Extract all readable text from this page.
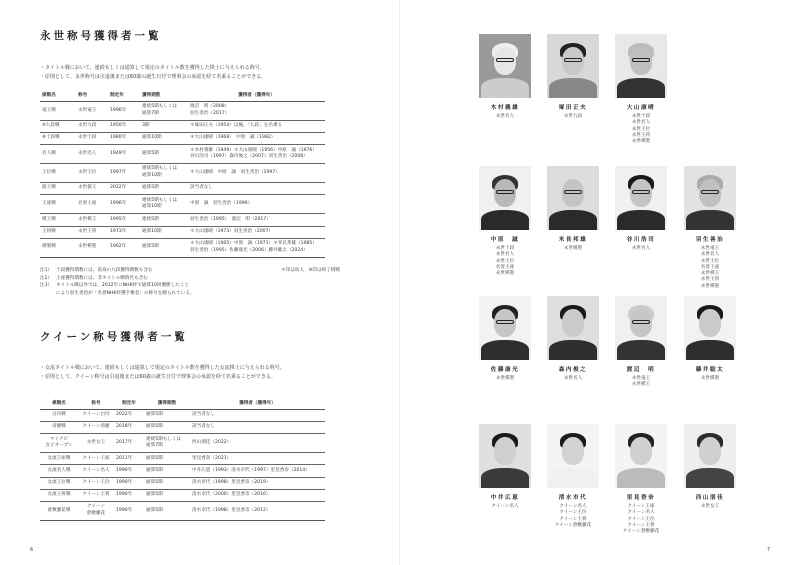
永世称号獲得者一覧
・タイトル戦において、連続もしくは通算して規定のタイトル数を獲得した棋士に与えられる称号。
・原則として、永世称号は引退後または60歳の誕生日付で理事会の承認を経て名乗ることができる。
棋戦名	称号	制定年	獲得期数	獲得者（獲得年）
竜王戦	永世竜王	1996年	連続5期もしくは
通算7期	渡辺　明（2008）
羽生善治（2017）
※九段戦	永世九段	1950年	3期	＊塚田正夫（1954）以後、「九段」を名乗る
※十段戦	永世十段	1980年	通算10期	＊大山康晴（1968）　中原　誠（1982）
名人戦	永世名人	1949年	通算5期	＊木村義雄（1949）＊大山康晴（1956）中原　誠（1976）
谷川浩司（1997）森内俊之（2007）羽生善治（2008）
王位戦	永世王位	1997年	連続5期もしくは
通算10期	＊大山康晴　中原　誠　羽生善治（1997）
叡王戦	永世叡王	2022年	通算5期	該当者なし
王座戦	名誉王座	1996年	連続5期もしくは
通算10期	中原　誠　羽生善治（1996）
棋王戦	永世棋王	1995年	連続5期	羽生善治（1995）　渡辺　明（2017）
王将戦	永世王将	1973年	通算10期	＊大山康晴（1973）羽生善治（2007）
棋聖戦	永世棋聖	1962年	通算5期	＊大山康晴（1965）中原　誠（1971）＊米長邦雄（1985）
羽生善治（1995）佐藤康光（2006）藤井聡太（2024）
＊印は故人　※印は終了棋戦
注1） 十段獲得期数には、前身の九段獲得期数も含む
注2） 王座獲得期数には、非タイトル戦時代も含む
注3） タイトル戦以外では、2012年にNHK杯で通算10回優勝したこと
により羽生善治が「名誉NHK杯選手権者」の称号を贈られている。
クイーン称号獲得者一覧
・女流タイトル戦において、連続もしくは通算して規定のタイトル数を獲得した女流棋士に与えられる称号。
・原則として、クイーン称号は引退後または60歳の誕生日付で理事会の承認を経て名乗ることができる。
棋戦名	称号	制定年	獲得期数	獲得者（獲得年）
白玲戦	クイーン白玲	2022年	通算5期	該当者なし
清麗戦	クイーン清麗	2018年	通算5期	該当者なし
マイナビ
女子オープン	永世女王	2017年	連続5期もしくは
通算7期	西山朋佳（2022）
女流王座戦	クイーン王座	2011年	通算5期	里見香奈（2021）
女流名人戦	クイーン名人	1990年	通算5期	中井広恵（1993）清水市代（1997）里見香奈（2014）
女流王位戦	クイーン王位	1990年	通算5期	清水市代（1998）里見香奈（2019）
女流王将戦	クイーン王将	1990年	通算5期	清水市代（2000）里見香奈（2016）
倉敷藤花戦	クイーン
倉敷藤花	1990年	通算5期	清水市代（1998）里見香奈（2012）
6
木村義雄
永世名人
塚田正夫
永世九段
大山康晴
永世十段
永世名人
永世王位
永世王将
永世棋聖
中原　誠
永世十段
永世名人
永世王位
名誉王座
永世棋聖
米長邦雄
永世棋聖
谷川浩司
永世名人
羽生善治
永世竜王
永世名人
永世王位
名誉王座
永世棋王
永世王将
永世棋聖
佐藤康光
永世棋聖
森内俊之
永世名人
渡辺　明
永世竜王
永世棋王
藤井聡太
永世棋聖
中井広恵
クイーン名人
清水市代
クイーン名人
クイーン王位
クイーン王将
クイーン倉敷藤花
里見香奈
クイーン王座
クイーン名人
クイーン王位
クイーン王将
クイーン倉敷藤花
西山朋佳
永世女王
7
